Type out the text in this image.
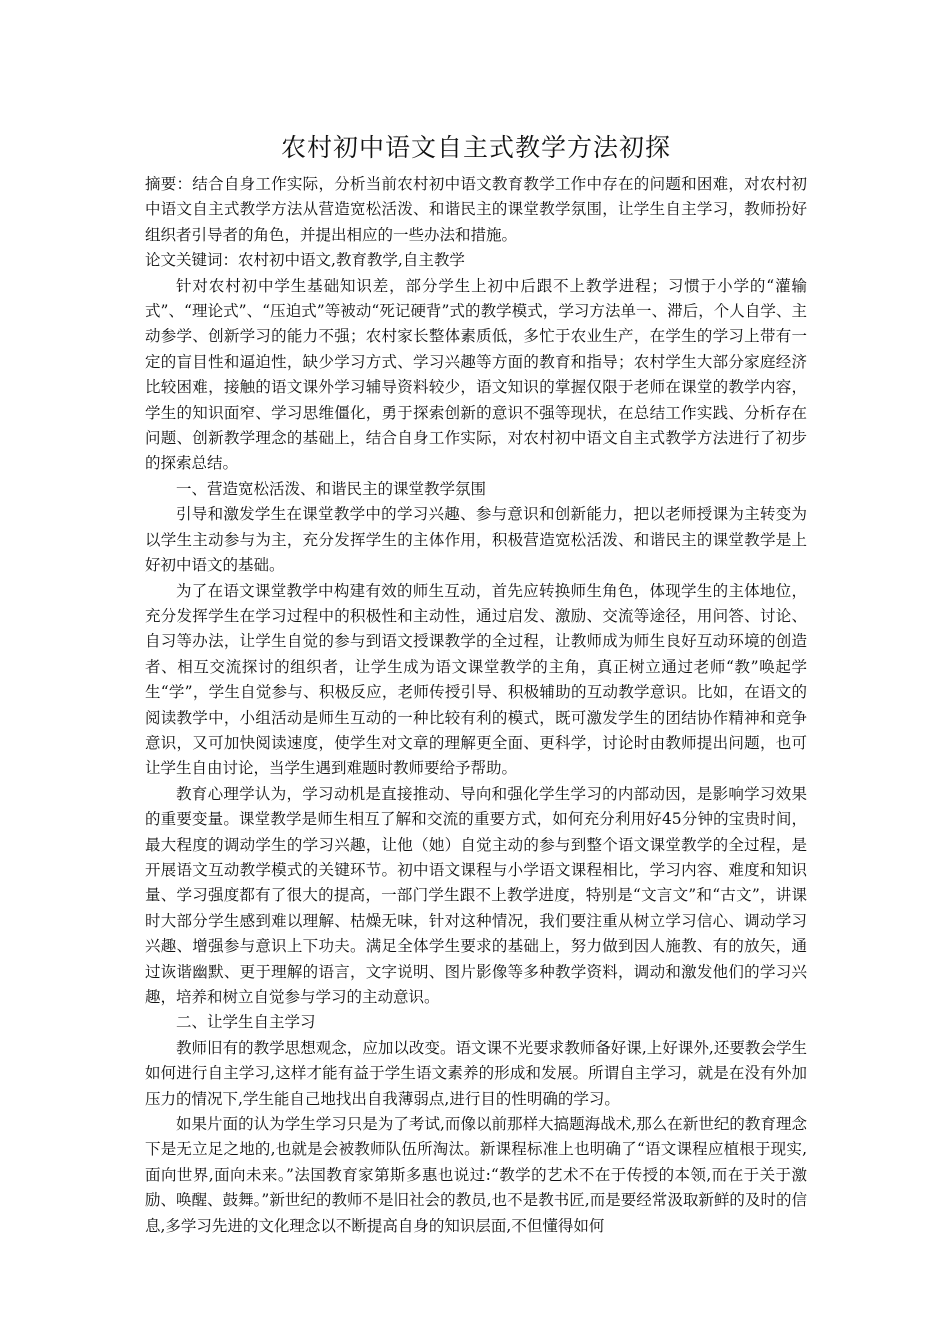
农村初中语文自主式教学方法初探

摘要：结合自身工作实际，分析当前农村初中语文教育教学工作中存在的问题和困难，对农村初中语文自主式教学方法从营造宽松活泼、和谐民主的课堂教学氛围，让学生自主学习，教师扮好组织者引导者的角色，并提出相应的一些办法和措施。

论文关键词：农村初中语文,教育教学,自主教学

针对农村初中学生基础知识差，部分学生上初中后跟不上教学进程；习惯于小学的“灌输式”、“理论式”、“压迫式”等被动“死记硬背”式的教学模式，学习方法单一、滞后，个人自学、主动参学、创新学习的能力不强；农村家长整体素质低，多忙于农业生产，在学生的学习上带有一定的盲目性和逼迫性，缺少学习方式、学习兴趣等方面的教育和指导；农村学生大部分家庭经济比较困难，接触的语文课外学习辅导资料较少，语文知识的掌握仅限于老师在课堂的教学内容，学生的知识面窄、学习思维僵化，勇于探索创新的意识不强等现状，在总结工作实践、分析存在问题、创新教学理念的基础上，结合自身工作实际，对农村初中语文自主式教学方法进行了初步的探索总结。

一、营造宽松活泼、和谐民主的课堂教学氛围

引导和激发学生在课堂教学中的学习兴趣、参与意识和创新能力，把以老师授课为主转变为以学生主动参与为主，充分发挥学生的主体作用，积极营造宽松活泼、和谐民主的课堂教学是上好初中语文的基础。

为了在语文课堂教学中构建有效的师生互动，首先应转换师生角色，体现学生的主体地位，充分发挥学生在学习过程中的积极性和主动性，通过启发、激励、交流等途径，用问答、讨论、自习等办法，让学生自觉的参与到语文授课教学的全过程，让教师成为师生良好互动环境的创造者、相互交流探讨的组织者，让学生成为语文课堂教学的主角，真正树立通过老师“教”唤起学生“学”，学生自觉参与、积极反应，老师传授引导、积极辅助的互动教学意识。比如，在语文的阅读教学中，小组活动是师生互动的一种比较有利的模式，既可激发学生的团结协作精神和竞争意识，又可加快阅读速度，使学生对文章的理解更全面、更科学，讨论时由教师提出问题，也可让学生自由讨论，当学生遇到难题时教师要给予帮助。

教育心理学认为，学习动机是直接推动、导向和强化学生学习的内部动因，是影响学习效果的重要变量。课堂教学是师生相互了解和交流的重要方式，如何充分利用好45分钟的宝贵时间，最大程度的调动学生的学习兴趣，让他（她）自觉主动的参与到整个语文课堂教学的全过程，是开展语文互动教学模式的关键环节。初中语文课程与小学语文课程相比，学习内容、难度和知识量、学习强度都有了很大的提高，一部门学生跟不上教学进度，特别是“文言文”和“古文”，讲课时大部分学生感到难以理解、枯燥无味，针对这种情况，我们要注重从树立学习信心、调动学习兴趣、增强参与意识上下功夫。满足全体学生要求的基础上，努力做到因人施教、有的放矢，通过诙谐幽默、更于理解的语言，文字说明、图片影像等多种教学资料，调动和激发他们的学习兴趣，培养和树立自觉参与学习的主动意识。

二、让学生自主学习

教师旧有的教学思想观念，应加以改变。语文课不光要求教师备好课,上好课外,还要教会学生如何进行自主学习,这样才能有益于学生语文素养的形成和发展。所谓自主学习，就是在没有外加压力的情况下,学生能自己地找出自我薄弱点,进行目的性明确的学习。

如果片面的认为学生学习只是为了考试,而像以前那样大搞题海战术,那么在新世纪的教育理念下是无立足之地的,也就是会被教师队伍所淘汰。新课程标准上也明确了“语文课程应植根于现实,面向世界,面向未来。”法国教育家第斯多惠也说过:“教学的艺术不在于传授的本领,而在于关于激励、唤醒、鼓舞。”新世纪的教师不是旧社会的教员,也不是教书匠,而是要经常汲取新鲜的及时的信息,多学习先进的文化理念以不断提高自身的知识层面,不但懂得如何
